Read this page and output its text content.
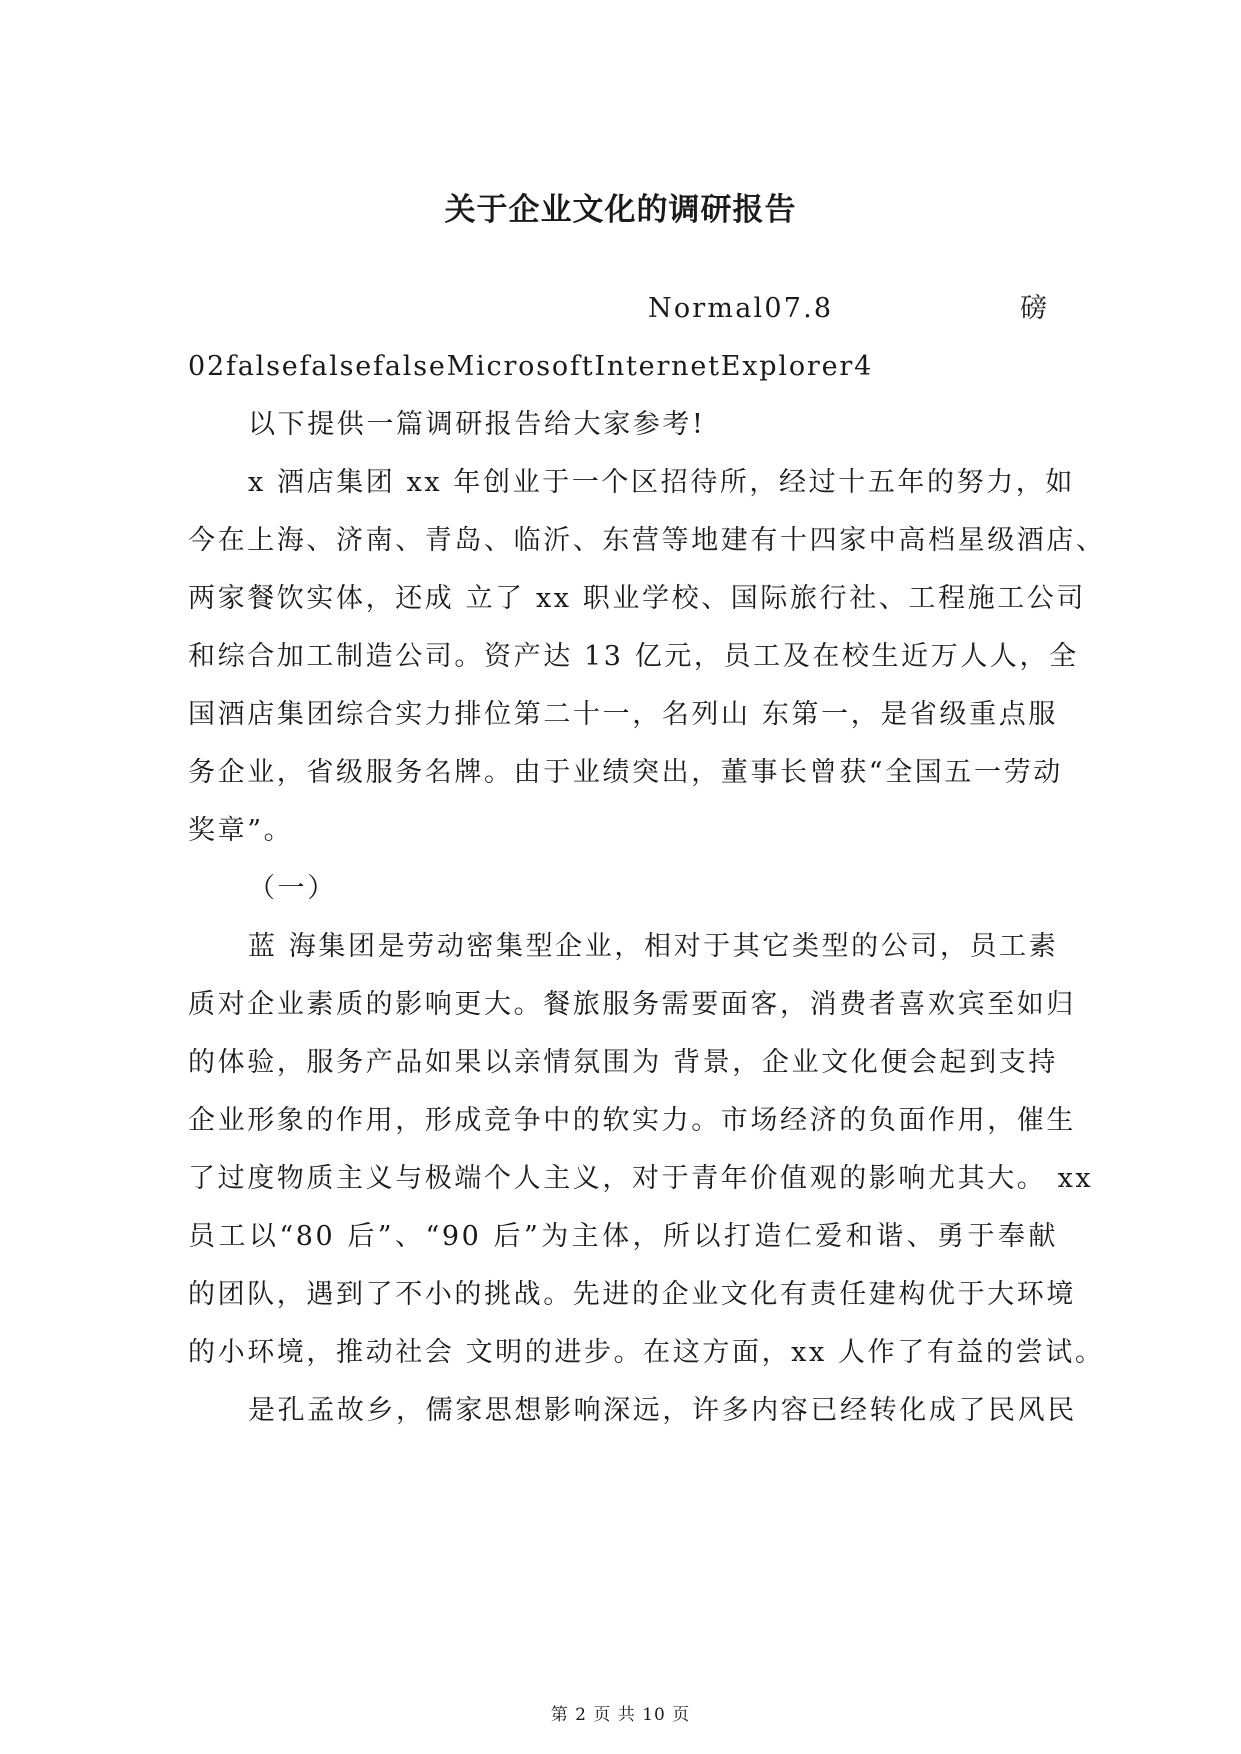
关于企业文化的调研报告
Normal07.8	磅
02falsefalsefalseMicrosoftInternetExplorer4
以下提供一篇调研报告给大家参考!
x 酒店集团 xx 年创业于一个区招待所，经过十五年的努力，如
今在上海、济南、青岛、临沂、东营等地建有十四家中高档星级酒店、
两家餐饮实体，还成 立了 xx 职业学校、国际旅行社、工程施工公司
和综合加工制造公司。资产达 13 亿元，员工及在校生近万人人，全
国酒店集团综合实力排位第二十一，名列山 东第一，是省级重点服
务企业，省级服务名牌。由于业绩突出，董事长曾获“全国五一劳动
奖章”。
（一）
蓝 海集团是劳动密集型企业，相对于其它类型的公司，员工素
质对企业素质的影响更大。餐旅服务需要面客，消费者喜欢宾至如归
的体验，服务产品如果以亲情氛围为 背景，企业文化便会起到支持
企业形象的作用，形成竞争中的软实力。市场经济的负面作用，催生
了过度物质主义与极端个人主义，对于青年价值观的影响尤其大。 xx
员工以“80 后”、“90 后”为主体，所以打造仁爱和谐、勇于奉献
的团队，遇到了不小的挑战。先进的企业文化有责任建构优于大环境
的小环境，推动社会 文明的进步。在这方面，xx 人作了有益的尝试。
是孔孟故乡，儒家思想影响深远，许多内容已经转化成了民风民
第 2 页 共 10 页
